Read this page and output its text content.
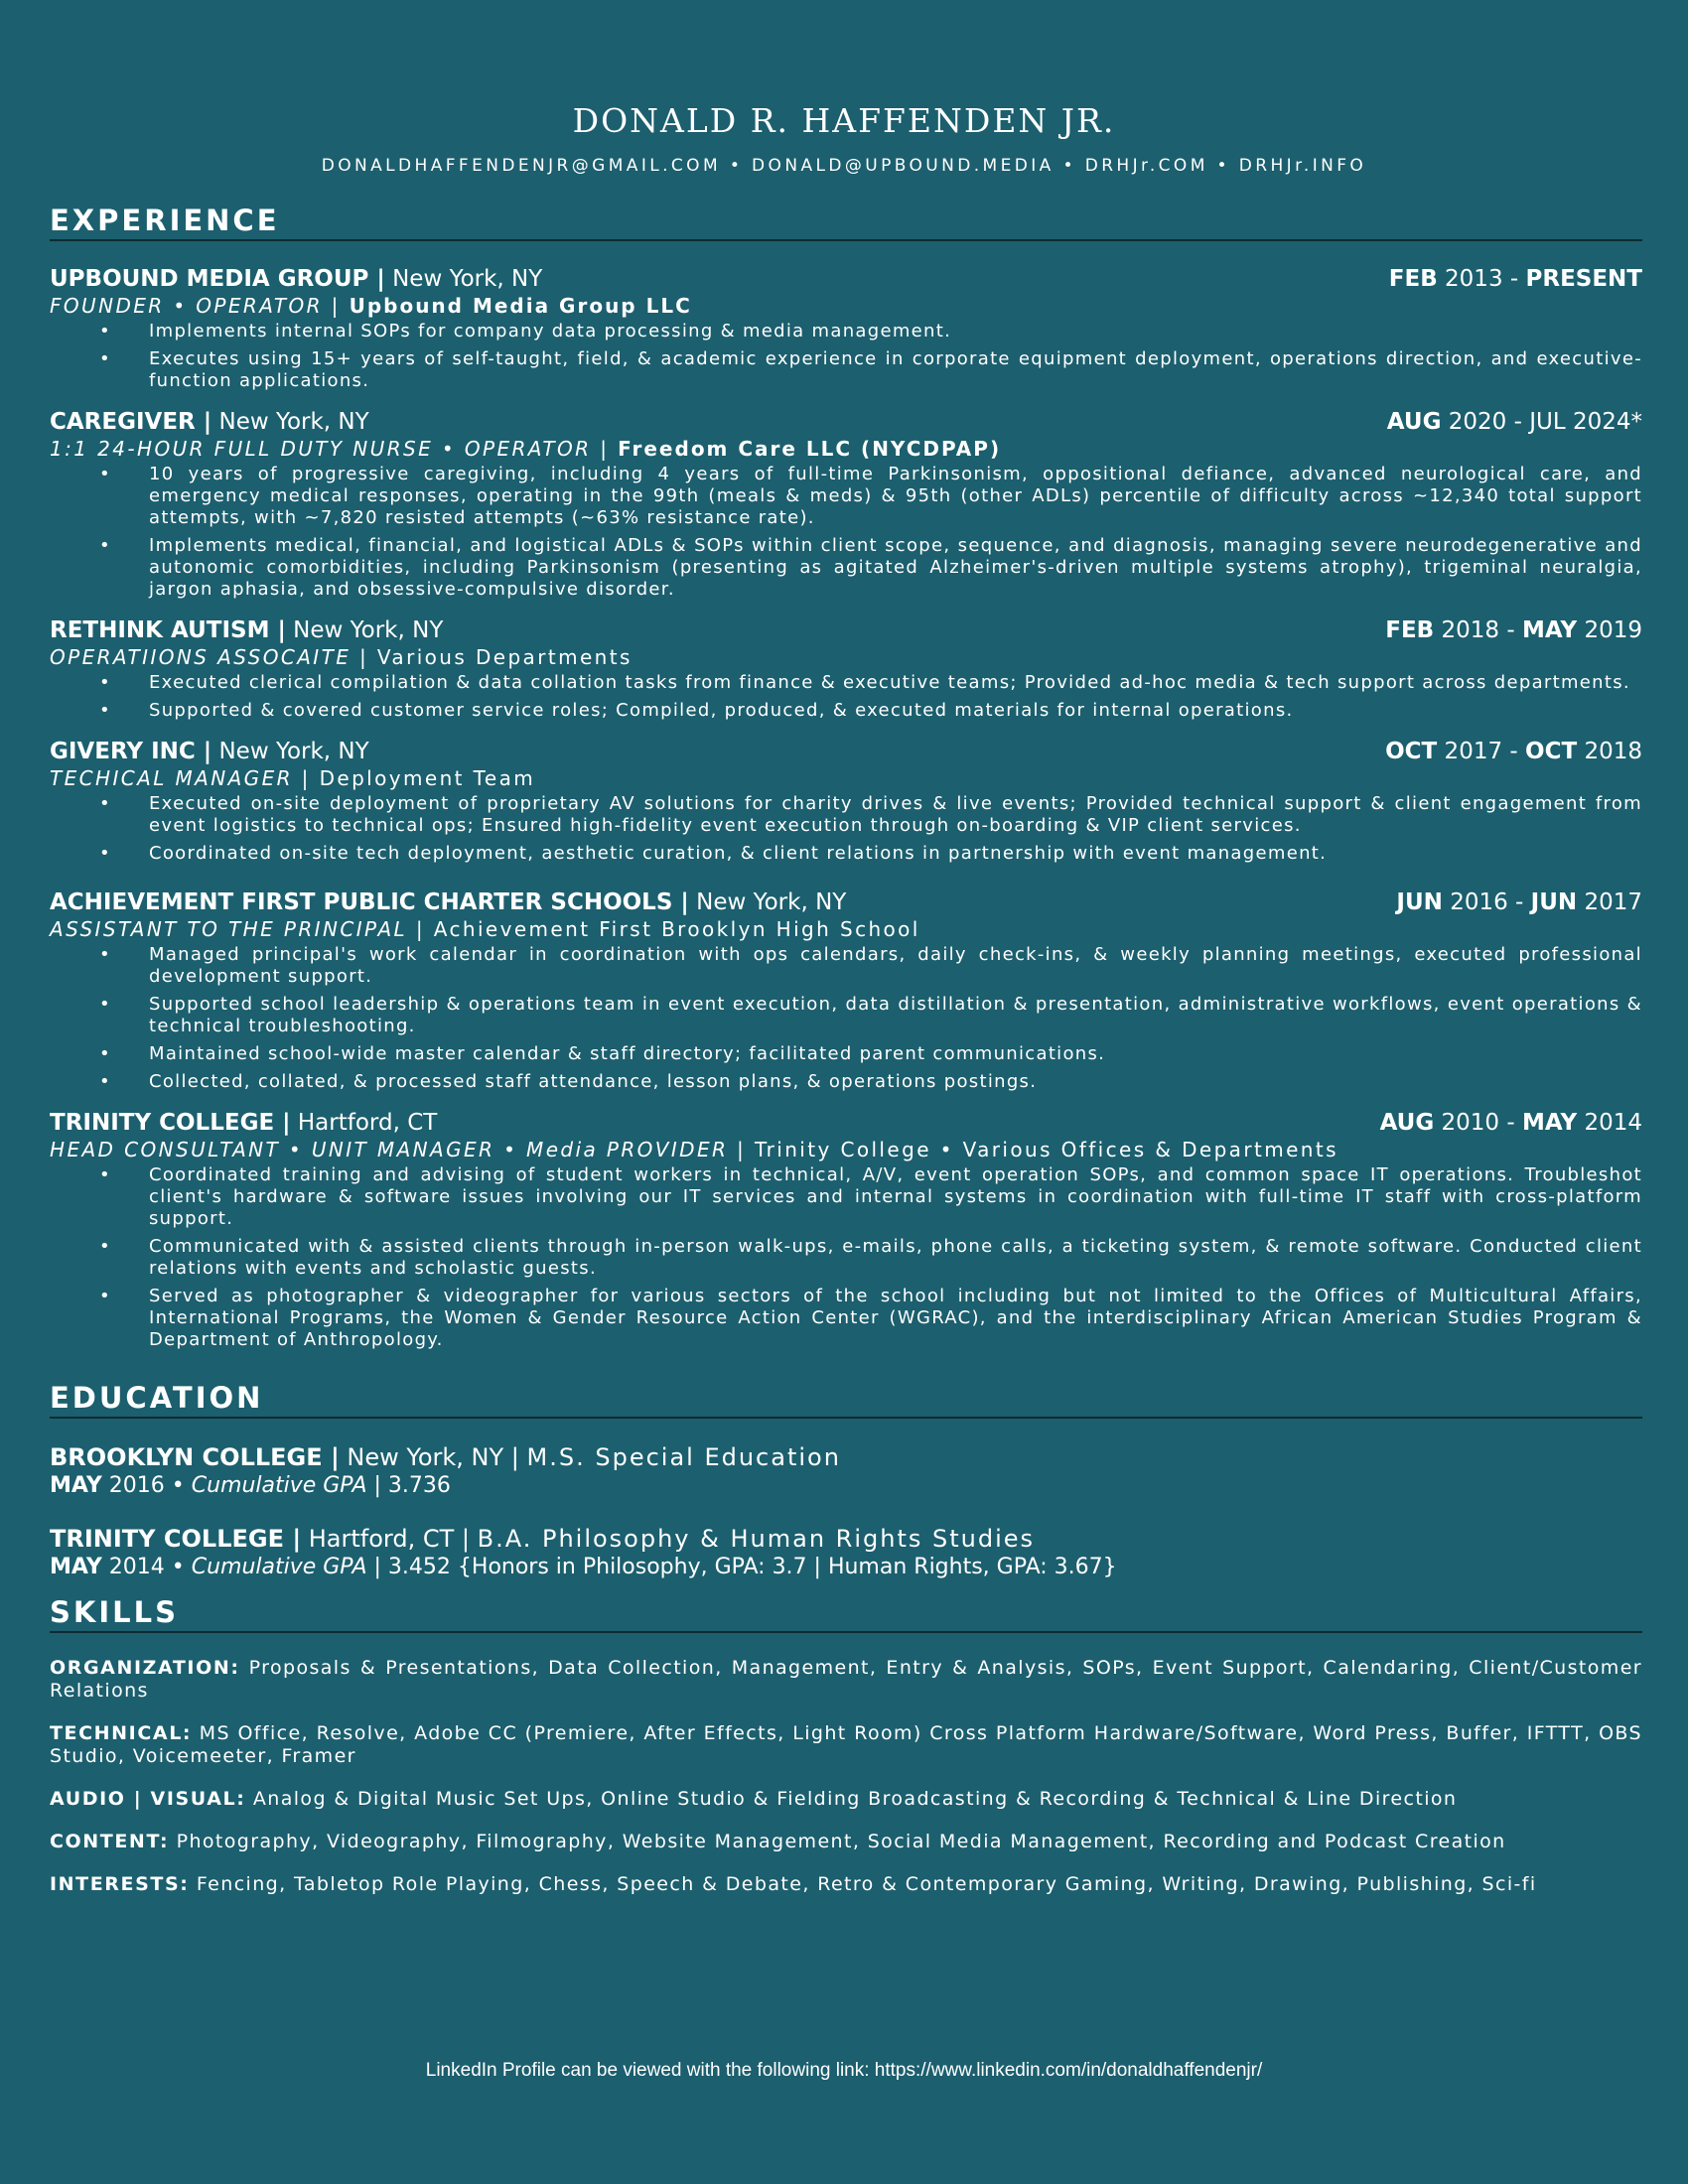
DONALD R. HAFFENDEN JR.
DONALDHAFFENDENJR@GMAIL.COM • DONALD@UPBOUND.MEDIA • DRHJr.COM • DRHJr.INFO
EXPERIENCE
UPBOUND MEDIA GROUP | New York, NY	FEB 2013 - PRESENT
FOUNDER • OPERATOR | Upbound Media Group LLC
• Implements internal SOPs for company data processing & media management.
• Executes using 15+ years of self-taught, field, & academic experience in corporate equipment deployment, operations direction, and executive-function applications.
CAREGIVER | New York, NY	AUG 2020 - JUL 2024*
1:1 24-HOUR FULL DUTY NURSE • OPERATOR | Freedom Care LLC (NYCDPAP)
• 10 years of progressive caregiving, including 4 years of full-time Parkinsonism, oppositional defiance, advanced neurological care, and emergency medical responses, operating in the 99th (meals & meds) & 95th (other ADLs) percentile of difficulty across ~12,340 total support attempts, with ~7,820 resisted attempts (~63% resistance rate).
• Implements medical, financial, and logistical ADLs & SOPs within client scope, sequence, and diagnosis, managing severe neurodegenerative and autonomic comorbidities, including Parkinsonism (presenting as agitated Alzheimer's-driven multiple systems atrophy), trigeminal neuralgia, jargon aphasia, and obsessive-compulsive disorder.
RETHINK AUTISM | New York, NY	FEB 2018 - MAY 2019
OPERATIIONS ASSOCAITE | Various Departments
• Executed clerical compilation & data collation tasks from finance & executive teams; Provided ad-hoc media & tech support across departments.
• Supported & covered customer service roles; Compiled, produced, & executed materials for internal operations.
GIVERY INC | New York, NY	OCT 2017 - OCT 2018
TECHICAL MANAGER | Deployment Team
• Executed on-site deployment of proprietary AV solutions for charity drives & live events; Provided technical support & client engagement from event logistics to technical ops; Ensured high-fidelity event execution through on-boarding & VIP client services.
• Coordinated on-site tech deployment, aesthetic curation, & client relations in partnership with event management.
ACHIEVEMENT FIRST PUBLIC CHARTER SCHOOLS | New York, NY	JUN 2016 - JUN 2017
ASSISTANT TO THE PRINCIPAL | Achievement First Brooklyn High School
• Managed principal's work calendar in coordination with ops calendars, daily check-ins, & weekly planning meetings, executed professional development support.
• Supported school leadership & operations team in event execution, data distillation & presentation, administrative workflows, event operations & technical troubleshooting.
• Maintained school-wide master calendar & staff directory; facilitated parent communications.
• Collected, collated, & processed staff attendance, lesson plans, & operations postings.
TRINITY COLLEGE | Hartford, CT	AUG 2010 - MAY 2014
HEAD CONSULTANT • UNIT MANAGER • Media PROVIDER | Trinity College • Various Offices & Departments
• Coordinated training and advising of student workers in technical, A/V, event operation SOPs, and common space IT operations. Troubleshot client's hardware & software issues involving our IT services and internal systems in coordination with full-time IT staff with cross-platform support.
• Communicated with & assisted clients through in-person walk-ups, e-mails, phone calls, a ticketing system, & remote software. Conducted client relations with events and scholastic guests.
• Served as photographer & videographer for various sectors of the school including but not limited to the Offices of Multicultural Affairs, International Programs, the Women & Gender Resource Action Center (WGRAC), and the interdisciplinary African American Studies Program & Department of Anthropology.
EDUCATION
BROOKLYN COLLEGE | New York, NY | M.S. Special Education
MAY 2016 • Cumulative GPA | 3.736
TRINITY COLLEGE | Hartford, CT | B.A. Philosophy & Human Rights Studies
MAY 2014 • Cumulative GPA | 3.452 {Honors in Philosophy, GPA: 3.7 | Human Rights, GPA: 3.67}
SKILLS
ORGANIZATION: Proposals & Presentations, Data Collection, Management, Entry & Analysis, SOPs, Event Support, Calendaring, Client/Customer Relations
TECHNICAL: MS Office, Resolve, Adobe CC (Premiere, After Effects, Light Room) Cross Platform Hardware/Software, Word Press, Buffer, IFTTT, OBS Studio, Voicemeeter, Framer
AUDIO | VISUAL: Analog & Digital Music Set Ups, Online Studio & Fielding Broadcasting & Recording & Technical & Line Direction
CONTENT: Photography, Videography, Filmography, Website Management, Social Media Management, Recording and Podcast Creation
INTERESTS: Fencing, Tabletop Role Playing, Chess, Speech & Debate, Retro & Contemporary Gaming, Writing, Drawing, Publishing, Sci-fi
LinkedIn Profile can be viewed with the following link: https://www.linkedin.com/in/donaldhaffendenjr/
